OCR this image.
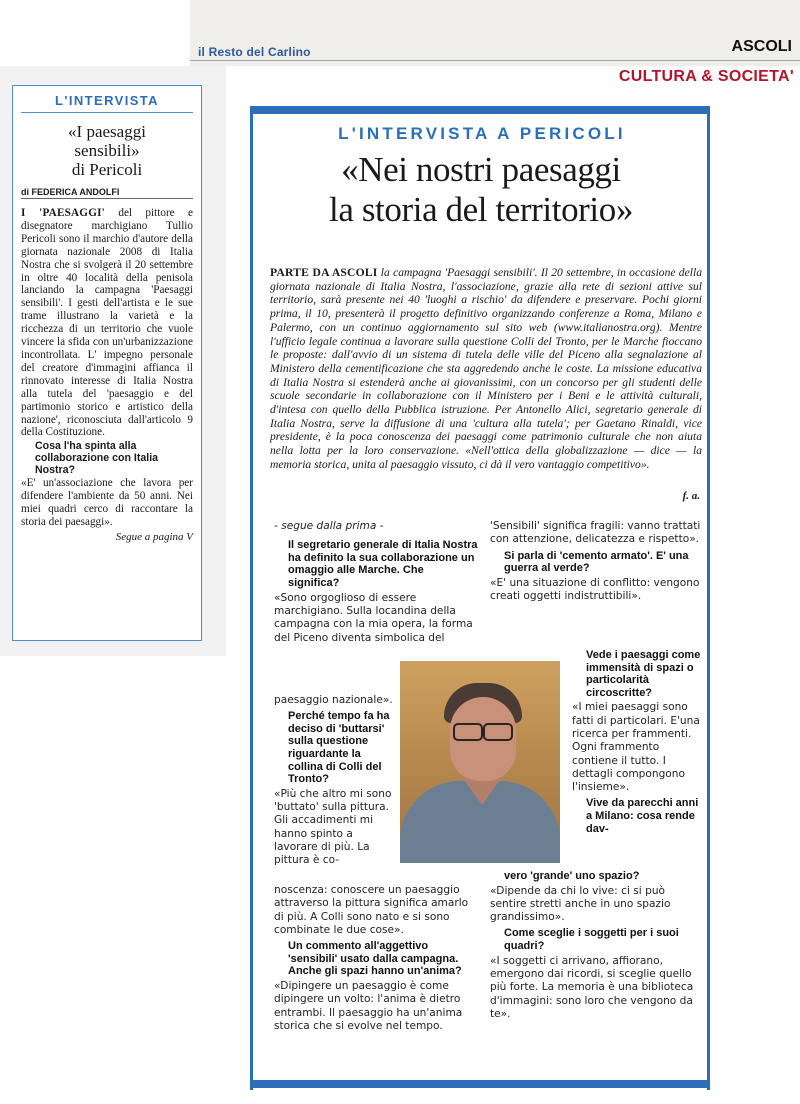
il Resto del Carlino	ASCOLI
CULTURA & SOCIETA'
L'INTERVISTA
«I paesaggi
sensibili»
di Pericoli
di FEDERICA ANDOLFI

I 'PAESAGGI' del pittore e disegnatore marchigiano Tullio Pericoli sono il marchio d'autore della giornata nazionale 2008 di Italia Nostra che si svolgerà il 20 settembre in oltre 40 località della penisola lanciando la campagna 'Paesaggi sensibili'. I gesti dell'artista e le sue trame illustrano la varietà e la ricchezza di un territorio che vuole vincere la sfida con un'urbanizzazione incontrollata. L' impegno personale del creatore d'immagini affianca il rinnovato interesse di Italia Nostra alla tutela del 'paesaggio e del partimonio storico e artistico della nazione', riconosciuta dall'articolo 9 della Costituzione.

Cosa l'ha spinta alla collaborazione con Italia Nostra?

«E' un'associazione che lavora per difendere l'ambiente da 50 anni. Nei miei quadri cerco di raccontare la storia dei paesaggi».

Segue a pagina V

L'INTERVISTA A PERICOLI
«Nei nostri paesaggi
la storia del territorio»

PARTE DA ASCOLI la campagna 'Paesaggi sensibili'. Il 20 settembre, in occasione della giornata nazionale di Italia Nostra, l'associazione, grazie alla rete di sezioni attive sul territorio, sarà presente nei 40 'luoghi a rischio' da difendere e preservare. Pochi giorni prima, il 10, presenterà il progetto definitivo organizzando conferenze a Roma, Milano e Palermo, con un continuo aggiornamento sul sito web (www.italianostra.org). Mentre l'ufficio legale continua a lavorare sulla questione Colli del Tronto, per le Marche fioccano le proposte: dall'avvio di un sistema di tutela delle ville del Piceno alla segnalazione al Ministero della cementificazione che sta aggredendo anche le coste. La missione educativa di Italia Nostra si estenderà anche ai giovanissimi, con un concorso per gli studenti delle scuole secondarie in collaborazione con il Ministero per i Beni e le attività culturali, d'intesa con quello della Pubblica istruzione. Per Antonello Alici, segretario generale di Italia Nostra, serve la diffusione di una 'cultura alla tutela'; per Gaetano Rinaldi, vice presidente, è la poca conoscenza dei paesaggi come patrimonio culturale che non aiuta nella lotta per la loro conservazione. «Nell'ottica della globalizzazione — dice — la memoria storica, unita al paesaggio vissuto, ci dà il vero vantaggio competitivo».

f. a.

- segue dalla prima -

Il segretario generale di Italia Nostra ha definito la sua collaborazione un omaggio alle Marche. Che significa?

«Sono orgoglioso di essere marchigiano. Sulla locandina della campagna con la mia opera, la forma del Piceno diventa simbolica del

paesaggio nazionale».

Perché tempo fa ha deciso di 'buttarsi' sulla questione riguardante la collina di Colli del Tronto?

«Più che altro mi sono 'buttato' sulla pittura. Gli accadimenti mi hanno spinto a lavorare di più. La pittura è co-

noscenza: conoscere un paesaggio attraverso la pittura significa amarlo di più. A Colli sono nato e si sono combinate le due cose».

Un commento all'aggettivo 'sensibili' usato dalla campagna. Anche gli spazi hanno un'anima?

«Dipingere un paesaggio è come dipingere un volto: l'anima è dietro entrambi. Il paesaggio ha un'anima storica che si evolve nel tempo.

'Sensibili' significa fragili: vanno trattati con attenzione, delicatezza e rispetto».

Si parla di 'cemento armato'. E' una guerra al verde?

«E' una situazione di conflitto: vengono creati oggetti indistruttibili».

Vede i paesaggi come immensità di spazi o particolarità circoscritte?

«I miei paesaggi sono fatti di particolari. E'una ricerca per frammenti. Ogni frammento contiene il tutto. I dettagli compongono l'insieme».

Vive da parecchi anni a Milano: cosa rende dav-

vero 'grande' uno spazio?

«Dipende da chi lo vive: ci si può sentire stretti anche in uno spazio grandissimo».

Come sceglie i soggetti per i suoi quadri?

«I soggetti ci arrivano, affiorano, emergono dai ricordi, si sceglie quello più forte. La memoria è una biblioteca d'immagini: sono loro che vengono da te».
